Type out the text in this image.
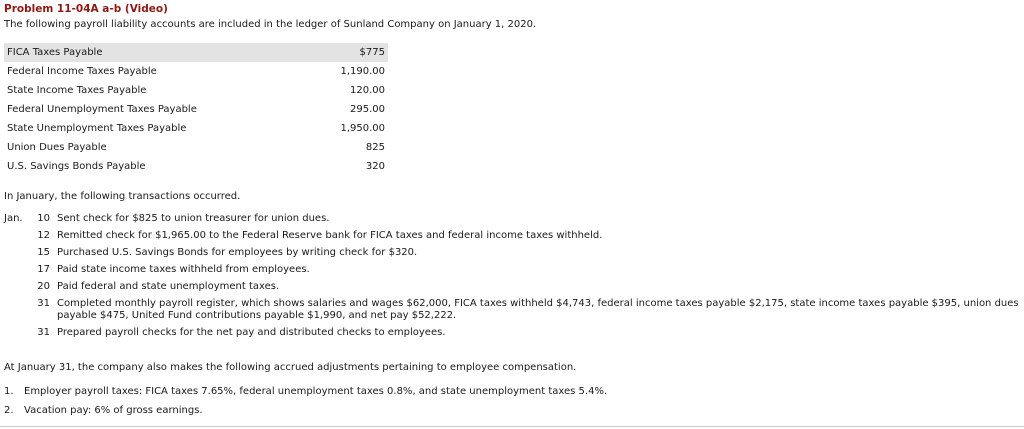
Problem 11-04A a-b (Video)
The following payroll liability accounts are included in the ledger of Sunland Company on January 1, 2020.
FICA Taxes Payable	$775
Federal Income Taxes Payable	1,190.00
State Income Taxes Payable	120.00
Federal Unemployment Taxes Payable	295.00
State Unemployment Taxes Payable	1,950.00
Union Dues Payable	825
U.S. Savings Bonds Payable	320
In January, the following transactions occurred.
Jan.	10 Sent check for $825 to union treasurer for union dues.
12 Remitted check for $1,965.00 to the Federal Reserve bank for FICA taxes and federal income taxes withheld.
15 Purchased U.S. Savings Bonds for employees by writing check for $320.
17 Paid state income taxes withheld from employees.
20 Paid federal and state unemployment taxes.
31 Completed monthly payroll register, which shows salaries and wages $62,000, FICA taxes withheld $4,743, federal income taxes payable $2,175, state income taxes payable $395, union dues payable $475, United Fund contributions payable $1,990, and net pay $52,222.
31 Prepared payroll checks for the net pay and distributed checks to employees.
At January 31, the company also makes the following accrued adjustments pertaining to employee compensation.
1.	Employer payroll taxes: FICA taxes 7.65%, federal unemployment taxes 0.8%, and state unemployment taxes 5.4%.
2.	Vacation pay: 6% of gross earnings.
